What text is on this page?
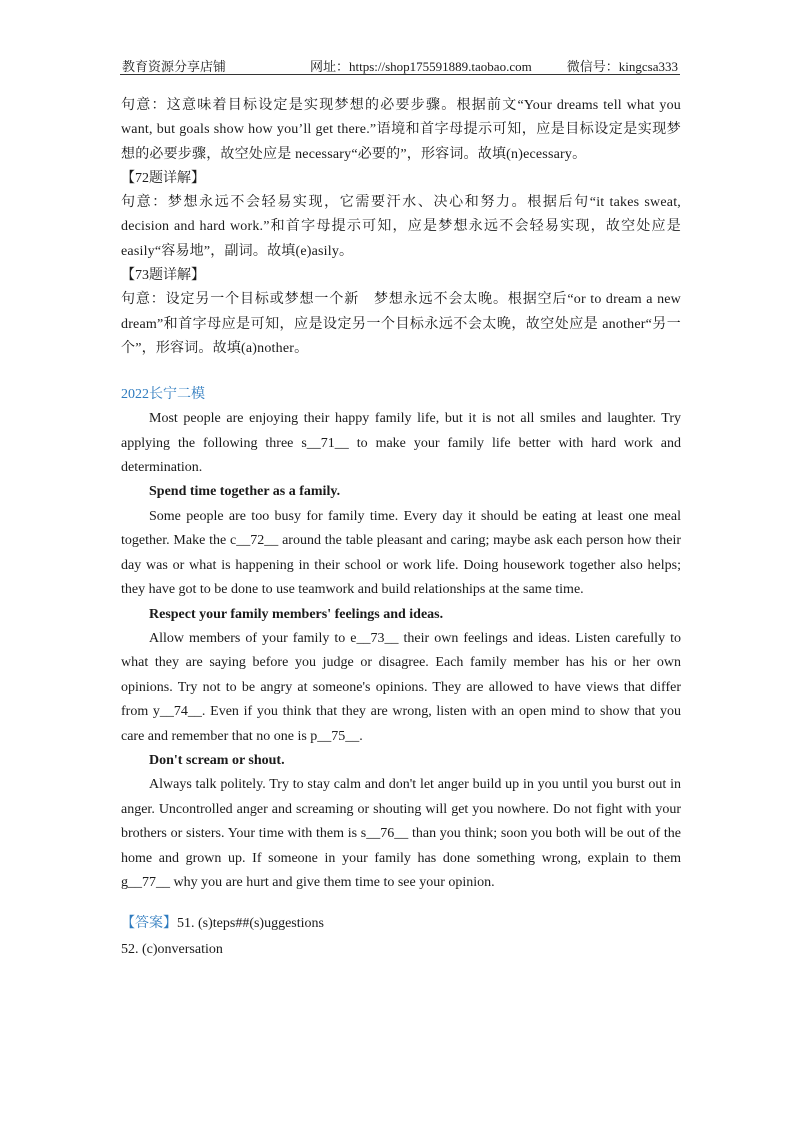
教育资源分享店铺	网址：https://shop175591889.taobao.com	微信号：kingcsa333

句意：这意味着目标设定是实现梦想的必要步骤。根据前文“Your dreams tell what you want, but goals show how you’ll get there.”语境和首字母提示可知，应是目标设定是实现梦想的必要步骤，故空处应是 necessary“必要的”，形容词。故填(n)ecessary。

【72题详解】

句意：梦想永远不会轻易实现，它需要汗水、决心和努力。根据后句“it takes sweat, decision and hard work.”和首字母提示可知，应是梦想永远不会轻易实现，故空处应是 easily“容易地”，副词。故填(e)asily。

【73题详解】

句意：设定另一个目标或梦想一个新　梦想永远不会太晚。根据空后“or to dream a new dream”和首字母应是可知，应是设定另一个目标永远不会太晚，故空处应是 another“另一个”，形容词。故填(a)nother。

2022长宁二模

Most people are enjoying their happy family life, but it is not all smiles and laughter. Try applying the following three s__71__ to make your family life better with hard work and determination.

Spend time together as a family.

Some people are too busy for family time. Every day it should be eating at least one meal together. Make the c__72__ around the table pleasant and caring; maybe ask each person how their day was or what is happening in their school or work life. Doing housework together also helps; they have got to be done to use teamwork and build relationships at the same time.

Respect your family members' feelings and ideas.

Allow members of your family to e__73__ their own feelings and ideas. Listen carefully to what they are saying before you judge or disagree. Each family member has his or her own opinions. Try not to be angry at someone's opinions. They are allowed to have views that differ from y__74__. Even if you think that they are wrong, listen with an open mind to show that you care and remember that no one is p__75__.

Don't scream or shout.

Always talk politely. Try to stay calm and don't let anger build up in you until you burst out in anger. Uncontrolled anger and screaming or shouting will get you nowhere. Do not fight with your brothers or sisters. Your time with them is s__76__ than you think; soon you both will be out of the home and grown up. If someone in your family has done something wrong, explain to them g__77__ why you are hurt and give them time to see your opinion.

【答案】51. (s)teps##(s)uggestions

52. (c)onversation
